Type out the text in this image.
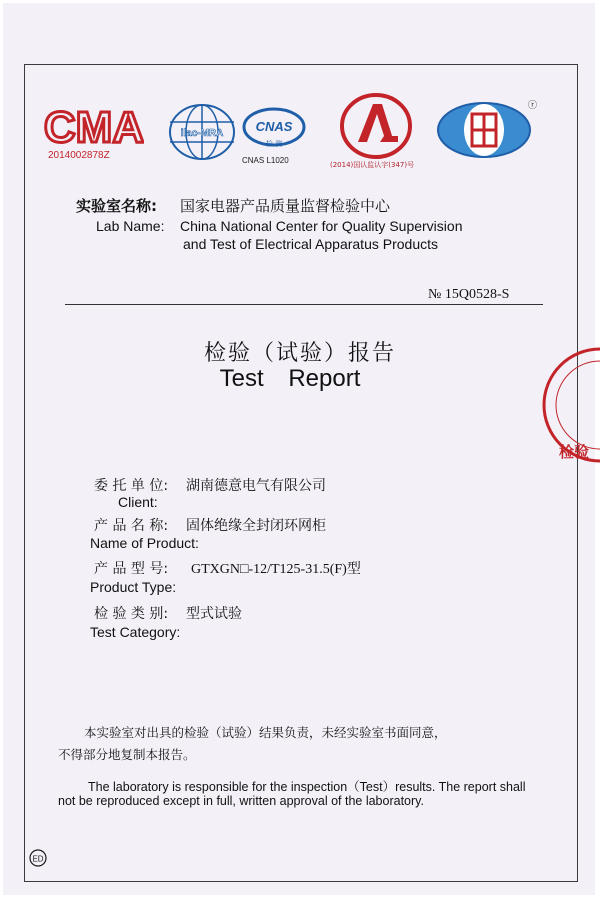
CMA
2014002878Z
ilac-MRA CNAS
检 测
CNAS L1020	(2014)国认监认字(347)号
ⓡ
实验室名称: 国家电器产品质量监督检验中心
Lab Name: China National Center for Quality Supervision
and Test of Electrical Apparatus Products
№ 15Q0528-S
检验（试验）报告
Test Report
检验
委 托 单 位: 湖南德意电气有限公司
Client:
产 品 名 称: 固体绝缘全封闭环网柜
Name of Product:
产 品 型 号: GTXGN□-12/T125-31.5(F)型
Product Type:
检 验 类 别: 型式试验
Test Category:
本实验室对出具的检验（试验）结果负责，未经实验室书面同意，
不得部分地复制本报告。
The laboratory is responsible for the inspection（Test）results. The report shall
not be reproduced except in full, written approval of the laboratory.
ED
